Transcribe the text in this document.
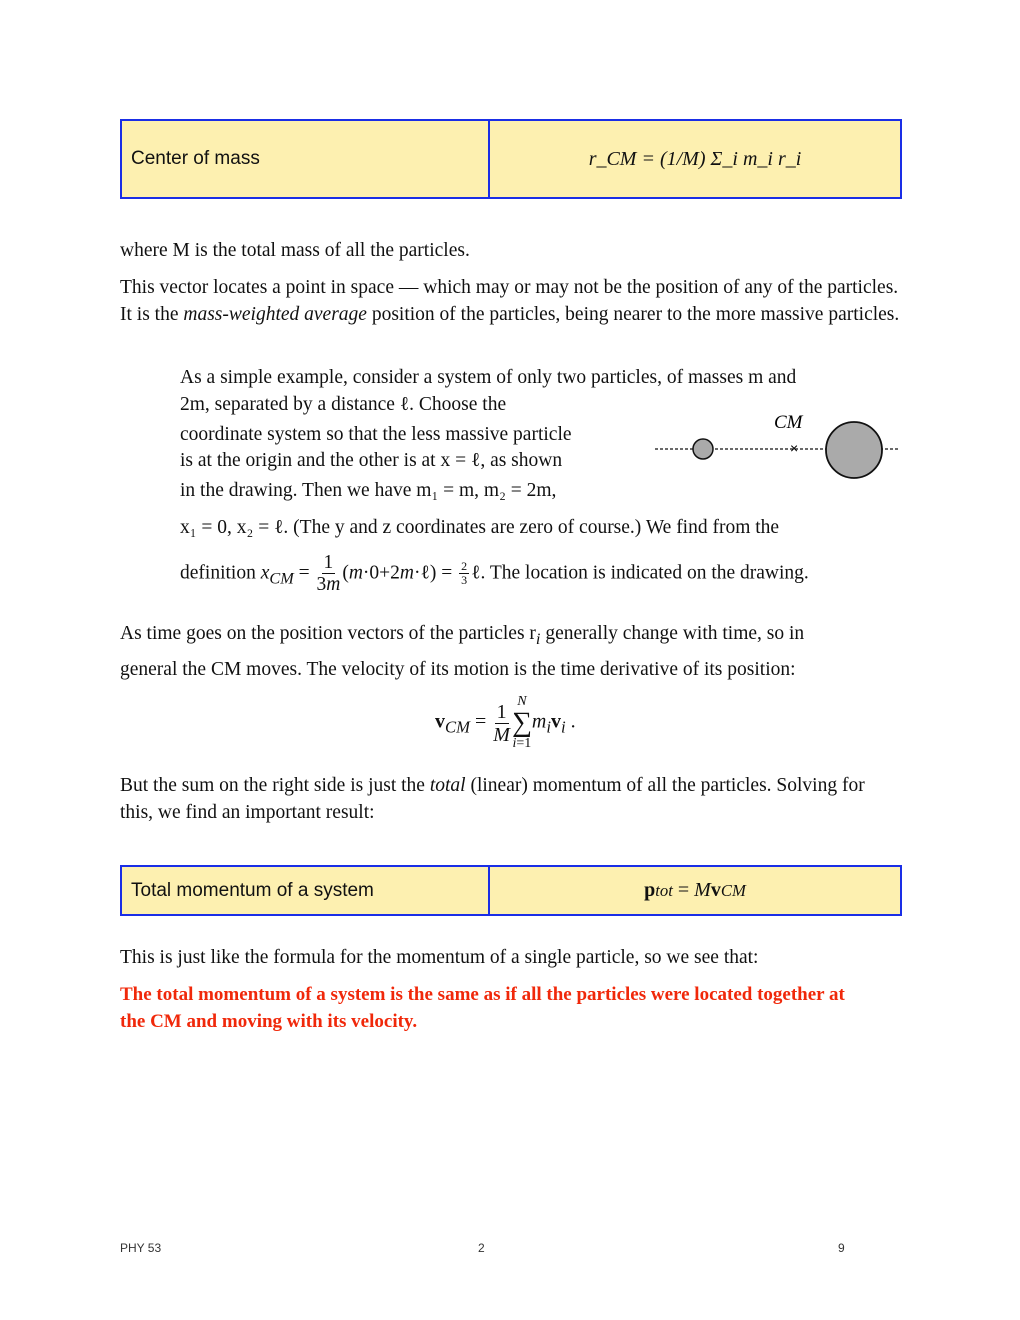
Center of mass	r_CM = (1/M) Σ_i m_i r_i

where M is the total mass of all the particles.

This vector locates a point in space — which may or may not be the position of any of the particles. It is the mass-weighted average position of the particles, being nearer to the more massive particles.

As a simple example, consider a system of only two particles, of masses m and

2m, separated by a distance ℓ. Choose the

coordinate system so that the less massive particle

is at the origin and the other is at x = ℓ, as shown

in the drawing. Then we have m₁ = m, m₂ = 2m,

x₁ = 0, x₂ = ℓ. (The y and z coordinates are zero of course.) We find from the

definition $x_{CM} = \frac{1}{3m}$ (m·0+2m·ℓ) = $\frac{2}{3}$ ℓ. The location is indicated on the drawing.

×
CM

As time goes on the position vectors of the particles $r_i$ generally change with time, so in

general the CM moves. The velocity of its motion is the time derivative of its position:

$v_{CM} = \frac{1}{M}$ N
∑
i=1
$m_iv_i$ .

But the sum on the right side is just the total (linear) momentum of all the particles. Solving for this, we find an important result:

Total momentum of a system	p tot = M v CM

This is just like the formula for the momentum of a single particle, so we see that:

The total momentum of a system is the same as if all the particles were located together at the CM and moving with its velocity.

PHY 53	2	9
